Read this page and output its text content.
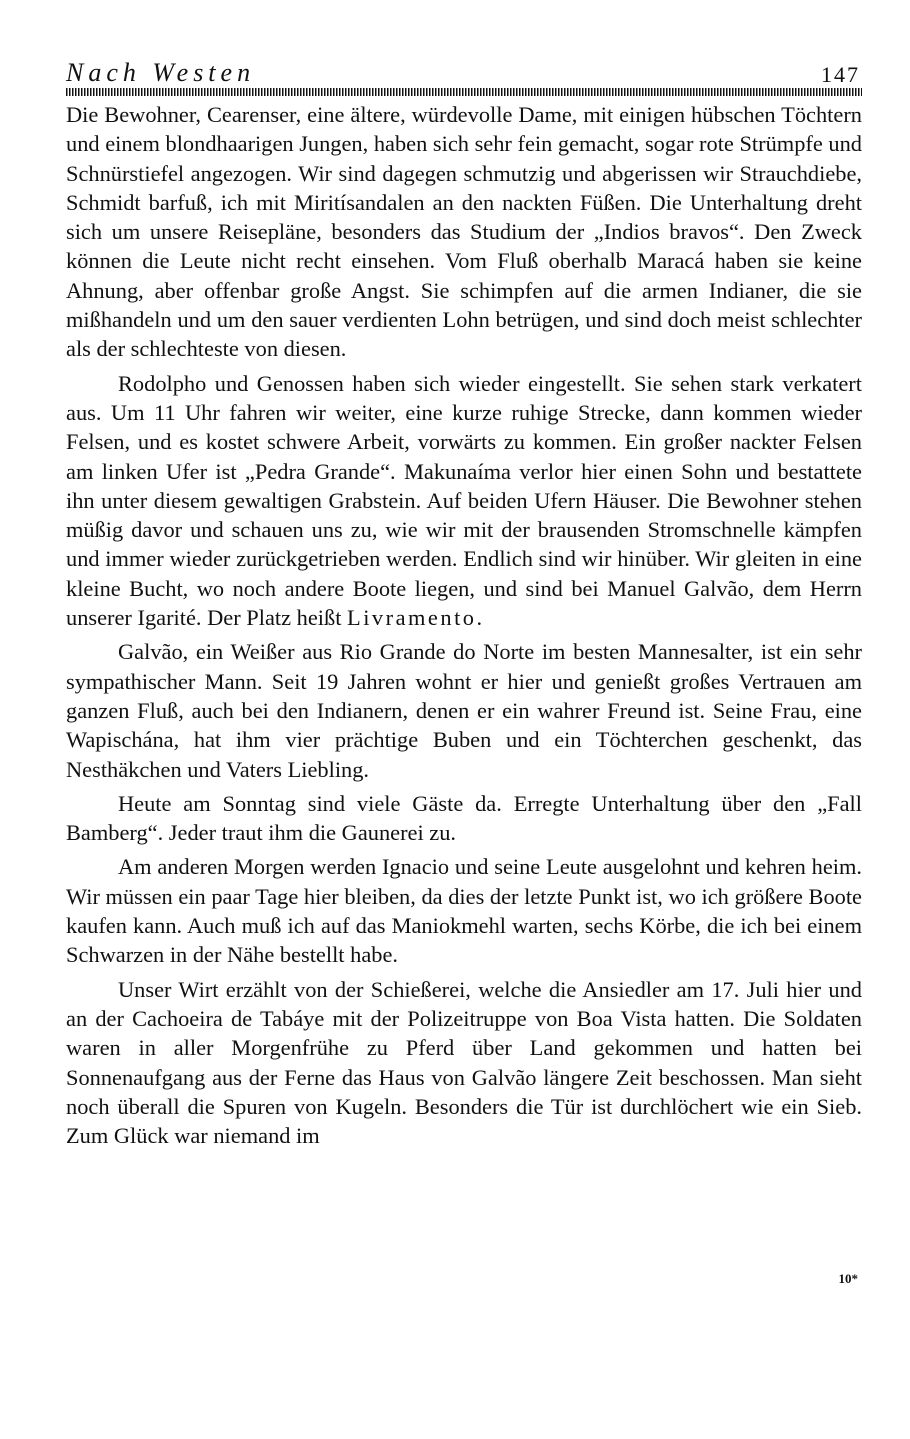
Nach Westen	147

Die Bewohner, Cearenser, eine ältere, würdevolle Dame, mit einigen hübschen Töchtern und einem blondhaarigen Jungen, haben sich sehr fein gemacht, sogar rote Strümpfe und Schnürstiefel angezogen. Wir sind dagegen schmutzig und abgerissen wir Strauchdiebe, Schmidt barfuß, ich mit Miritísandalen an den nackten Füßen. Die Unterhaltung dreht sich um unsere Reisepläne, besonders das Studium der „Indios bravos“. Den Zweck können die Leute nicht recht einsehen. Vom Fluß oberhalb Maracá haben sie keine Ahnung, aber offenbar große Angst. Sie schimpfen auf die armen Indianer, die sie mißhandeln und um den sauer verdienten Lohn betrügen, und sind doch meist schlechter als der schlechteste von diesen.

Rodolpho und Genossen haben sich wieder eingestellt. Sie sehen stark verkatert aus. Um 11 Uhr fahren wir weiter, eine kurze ruhige Strecke, dann kommen wieder Felsen, und es kostet schwere Arbeit, vorwärts zu kommen. Ein großer nackter Felsen am linken Ufer ist „Pedra Grande“. Makunaíma verlor hier einen Sohn und bestattete ihn unter diesem gewaltigen Grabstein. Auf beiden Ufern Häuser. Die Bewohner stehen müßig davor und schauen uns zu, wie wir mit der brausenden Stromschnelle kämpfen und immer wieder zurückgetrieben werden. Endlich sind wir hinüber. Wir gleiten in eine kleine Bucht, wo noch andere Boote liegen, und sind bei Manuel Galvão, dem Herrn unserer Igarité. Der Platz heißt Livramento.

Galvão, ein Weißer aus Rio Grande do Norte im besten Mannesalter, ist ein sehr sympathischer Mann. Seit 19 Jahren wohnt er hier und genießt großes Vertrauen am ganzen Fluß, auch bei den Indianern, denen er ein wahrer Freund ist. Seine Frau, eine Wapischána, hat ihm vier prächtige Buben und ein Töchterchen geschenkt, das Nesthäkchen und Vaters Liebling.

Heute am Sonntag sind viele Gäste da. Erregte Unterhaltung über den „Fall Bamberg“. Jeder traut ihm die Gaunerei zu.

Am anderen Morgen werden Ignacio und seine Leute ausgelohnt und kehren heim. Wir müssen ein paar Tage hier bleiben, da dies der letzte Punkt ist, wo ich größere Boote kaufen kann. Auch muß ich auf das Maniokmehl warten, sechs Körbe, die ich bei einem Schwarzen in der Nähe bestellt habe.

Unser Wirt erzählt von der Schießerei, welche die Ansiedler am 17. Juli hier und an der Cachoeira de Tabáye mit der Polizeitruppe von Boa Vista hatten. Die Soldaten waren in aller Morgenfrühe zu Pferd über Land gekommen und hatten bei Sonnenaufgang aus der Ferne das Haus von Galvão längere Zeit beschossen. Man sieht noch überall die Spuren von Kugeln. Besonders die Tür ist durchlöchert wie ein Sieb. Zum Glück war niemand im

10*
